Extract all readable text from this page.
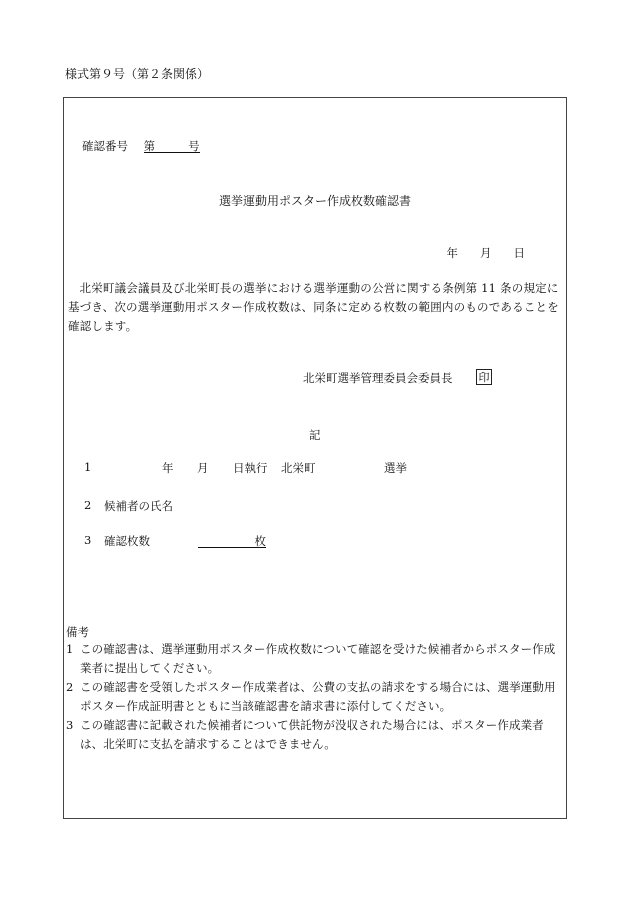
様式第９号（第２条関係）
確認番号 第	号
選挙運動用ポスター作成枚数確認書
年 月 日
北栄町議会議員及び北栄町長の選挙における選挙運動の公営に関する条例第 11 条の規定に基づき、次の選挙運動用ポスター作成枚数は、同条に定める枚数の範囲内のものであることを確認します。
北栄町選挙管理委員会委員長 印
記
1	年 月 日執行 北栄町	選挙
2 候補者の氏名
3 確認枚数	枚
備考
1 この確認書は、選挙運動用ポスター作成枚数について確認を受けた候補者からポスター作成業者に提出してください。
2 この確認書を受領したポスター作成業者は、公費の支払の請求をする場合には、選挙運動用ポスター作成証明書とともに当該確認書を請求書に添付してください。
3 この確認書に記載された候補者について供託物が没収された場合には、ポスター作成業者は、北栄町に支払を請求することはできません。
